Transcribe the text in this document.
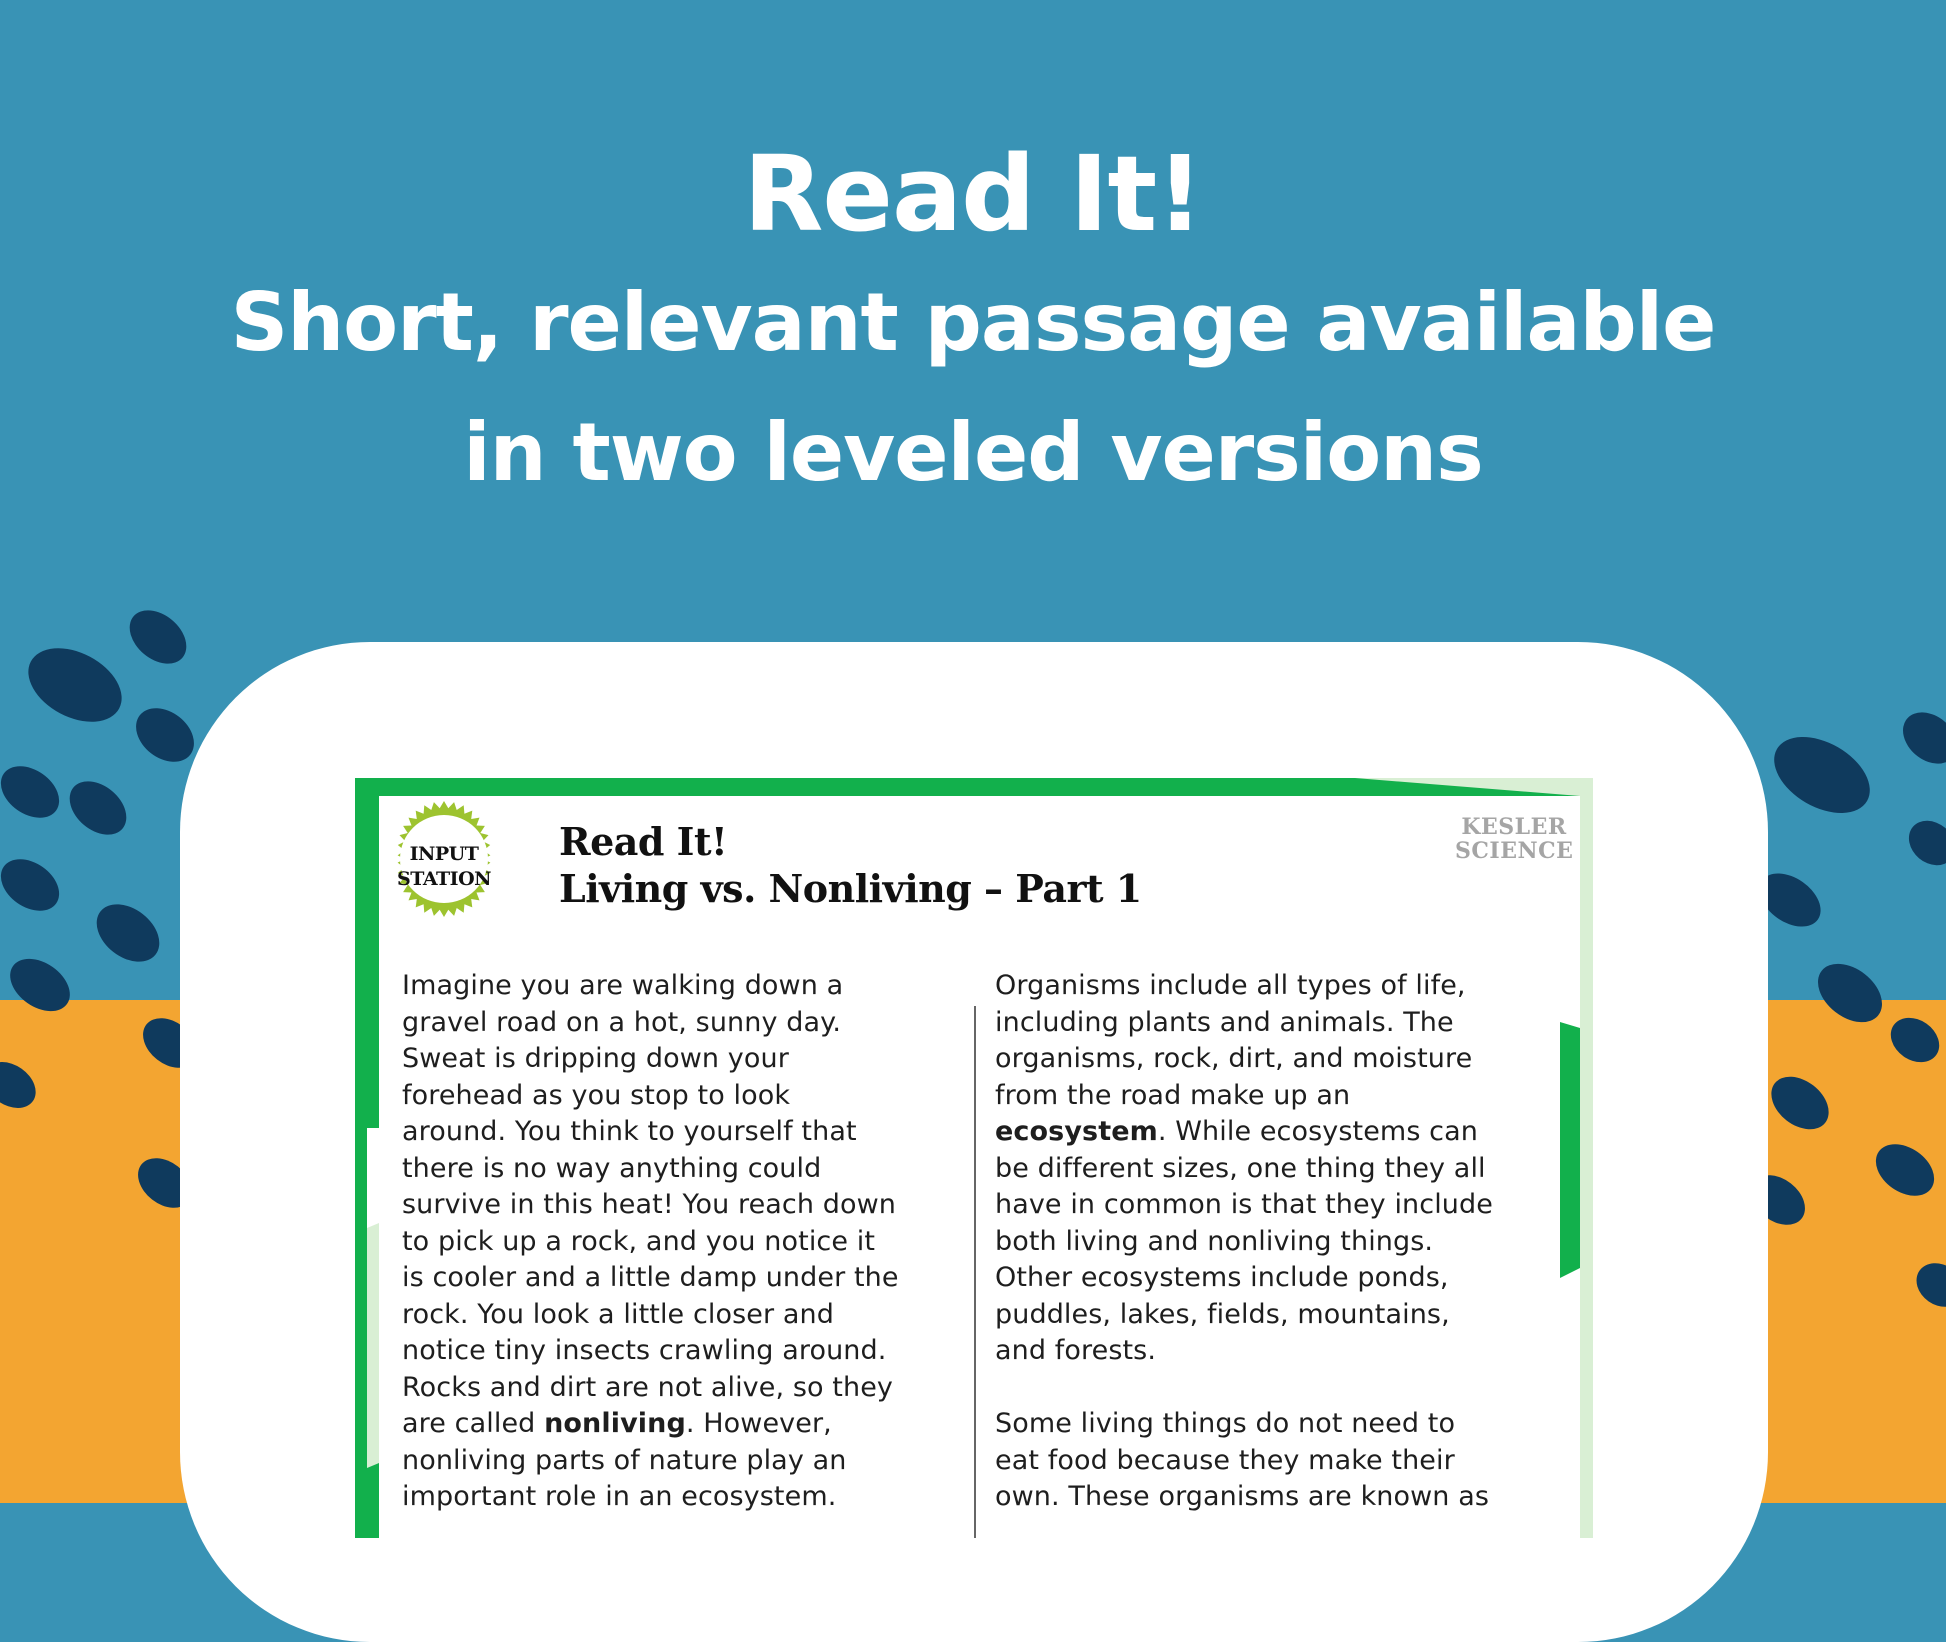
Read It!
Short, relevant passage available
in two leveled versions
INPUT
STATION
Read It!
Living vs. Nonliving – Part 1
KESLER
SCIENCE

Imagine you are walking down a

gravel road on a hot, sunny day.

Sweat is dripping down your

forehead as you stop to look

around. You think to yourself that

there is no way anything could

survive in this heat! You reach down

to pick up a rock, and you notice it

is cooler and a little damp under the

rock. You look a little closer and

notice tiny insects crawling around.

Rocks and dirt are not alive, so they

are called nonliving. However,

nonliving parts of nature play an

important role in an ecosystem.

Organisms include all types of life,

including plants and animals. The

organisms, rock, dirt, and moisture

from the road make up an

ecosystem. While ecosystems can

be different sizes, one thing they all

have in common is that they include

both living and nonliving things.

Other ecosystems include ponds,

puddles, lakes, fields, mountains,

and forests.

Some living things do not need to

eat food because they make their

own. These organisms are known as
